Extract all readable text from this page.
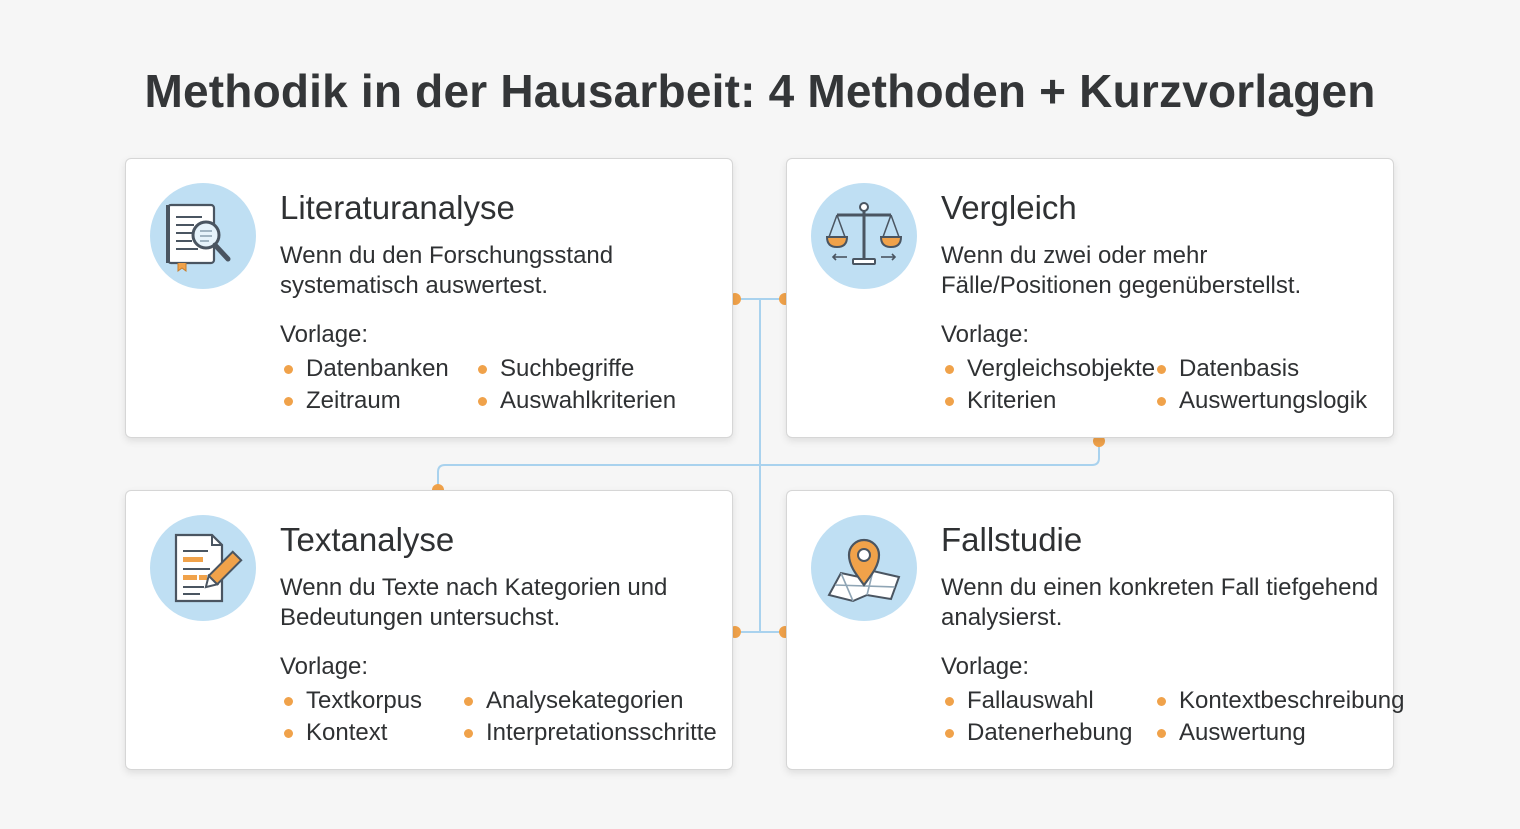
Methodik in der Hausarbeit: 4 Methoden + Kurzvorlagen
Literaturanalyse

Wenn du den Forschungsstand systematisch auswertest.

Vorlage:
Datenbanken	Suchbegriffe
Zeitraum	Auswahlkriterien
Vergleich

Wenn du zwei oder mehr Fälle/Positionen gegenüberstellst.

Vorlage:
Vergleichsobjekte Datenbasis
Kriterien	Auswertungslogik
Textanalyse

Wenn du Texte nach Kategorien und Bedeutungen untersuchst.

Vorlage:
Textkorpus	Analysekategorien
Kontext	Interpretationsschritte
Fallstudie

Wenn du einen konkreten Fall tiefgehend analysierst.

Vorlage:
Fallauswahl	Kontextbeschreibung
Datenerhebung	Auswertung
